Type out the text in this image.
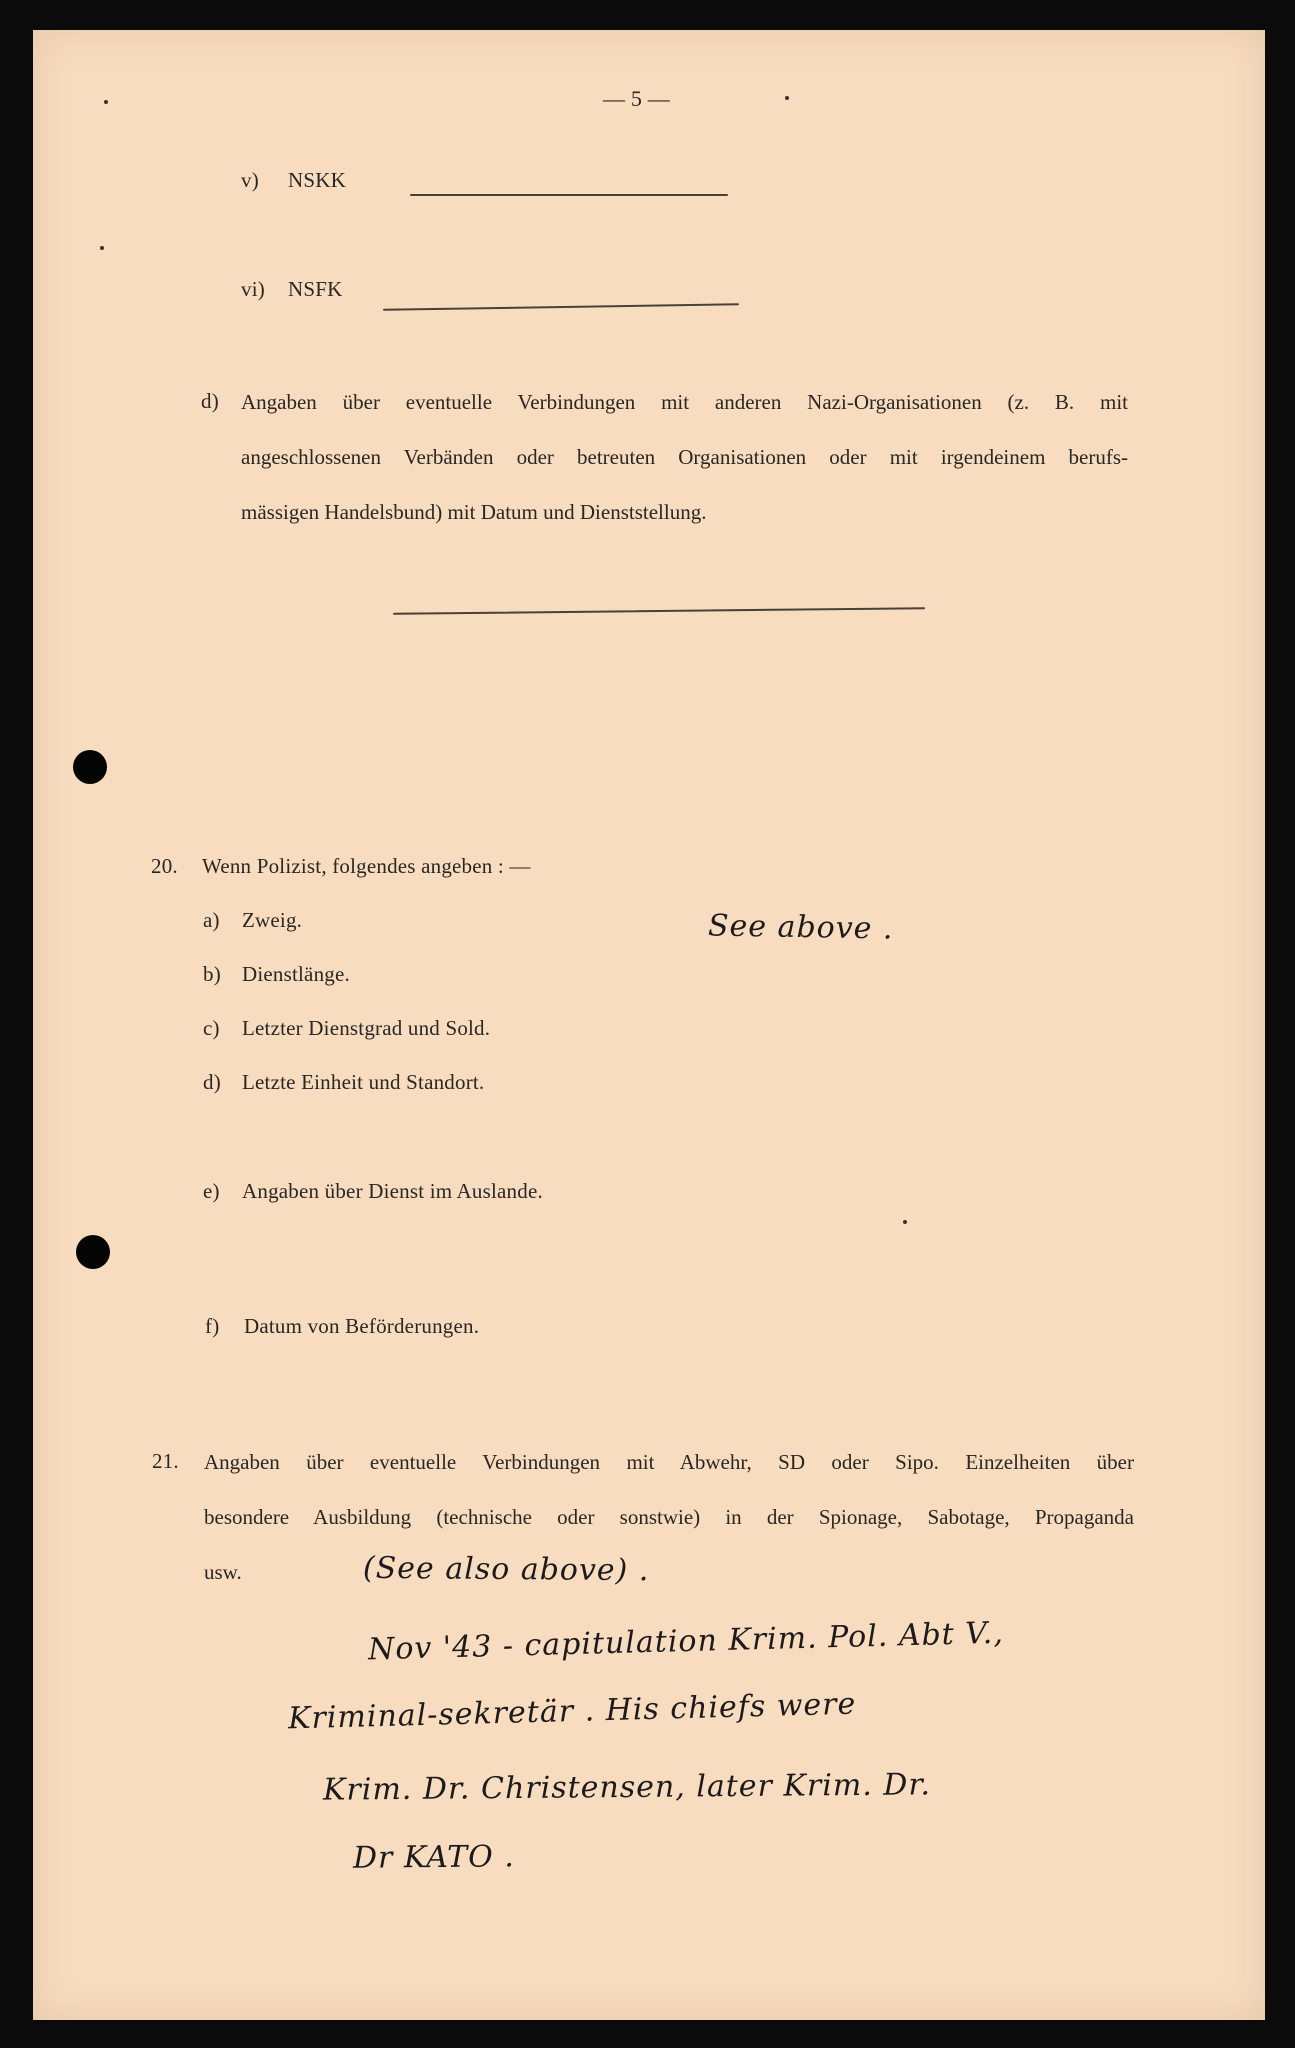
— 5 —
v) NSKK
vi) NSFK
d) Angaben über eventuelle Verbindungen mit anderen Nazi-Organisationen (z. B. mit
angeschlossenen Verbänden oder betreuten Organisationen oder mit irgendeinem berufs-
mässigen Handelsbund) mit Datum und Dienststellung.
20. Wenn Polizist, folgendes angeben : —
a) Zweig.
b) Dienstlänge.
c) Letzter Dienstgrad und Sold.
d) Letzte Einheit und Standort.
e) Angaben über Dienst im Auslande.
f) Datum von Beförderungen.
See above .
21. Angaben über eventuelle Verbindungen mit Abwehr, SD oder Sipo. Einzelheiten über
besondere Ausbildung (technische oder sonstwie) in der Spionage, Sabotage, Propaganda
usw.	(See also above) .
Nov '43 - capitulation Krim. Pol. Abt V.,
Kriminal-sekretär . His chiefs were
Krim. Dr. Christensen, later Krim. Dr.
Dr KATO .
